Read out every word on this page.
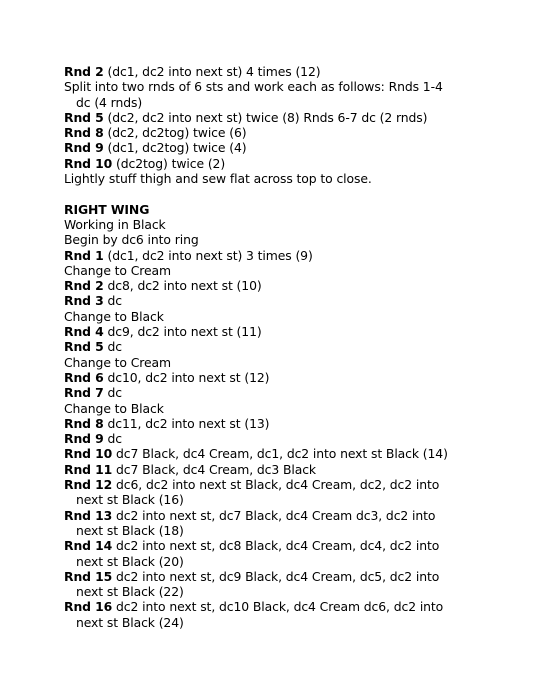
Rnd 2 (dc1, dc2 into next st) 4 times (12)
Split into two rnds of 6 sts and work each as follows: Rnds 1-4
dc (4 rnds)
Rnd 5 (dc2, dc2 into next st) twice (8) Rnds 6-7 dc (2 rnds)
Rnd 8 (dc2, dc2tog) twice (6)
Rnd 9 (dc1, dc2tog) twice (4)
Rnd 10 (dc2tog) twice (2)
Lightly stuff thigh and sew flat across top to close.
RIGHT WING
Working in Black
Begin by dc6 into ring
Rnd 1 (dc1, dc2 into next st) 3 times (9)
Change to Cream
Rnd 2 dc8, dc2 into next st (10)
Rnd 3 dc
Change to Black
Rnd 4 dc9, dc2 into next st (11)
Rnd 5 dc
Change to Cream
Rnd 6 dc10, dc2 into next st (12)
Rnd 7 dc
Change to Black
Rnd 8 dc11, dc2 into next st (13)
Rnd 9 dc
Rnd 10 dc7 Black, dc4 Cream, dc1, dc2 into next st Black (14)
Rnd 11 dc7 Black, dc4 Cream, dc3 Black
Rnd 12 dc6, dc2 into next st Black, dc4 Cream, dc2, dc2 into
next st Black (16)
Rnd 13 dc2 into next st, dc7 Black, dc4 Cream dc3, dc2 into
next st Black (18)
Rnd 14 dc2 into next st, dc8 Black, dc4 Cream, dc4, dc2 into
next st Black (20)
Rnd 15 dc2 into next st, dc9 Black, dc4 Cream, dc5, dc2 into
next st Black (22)
Rnd 16 dc2 into next st, dc10 Black, dc4 Cream dc6, dc2 into
next st Black (24)
